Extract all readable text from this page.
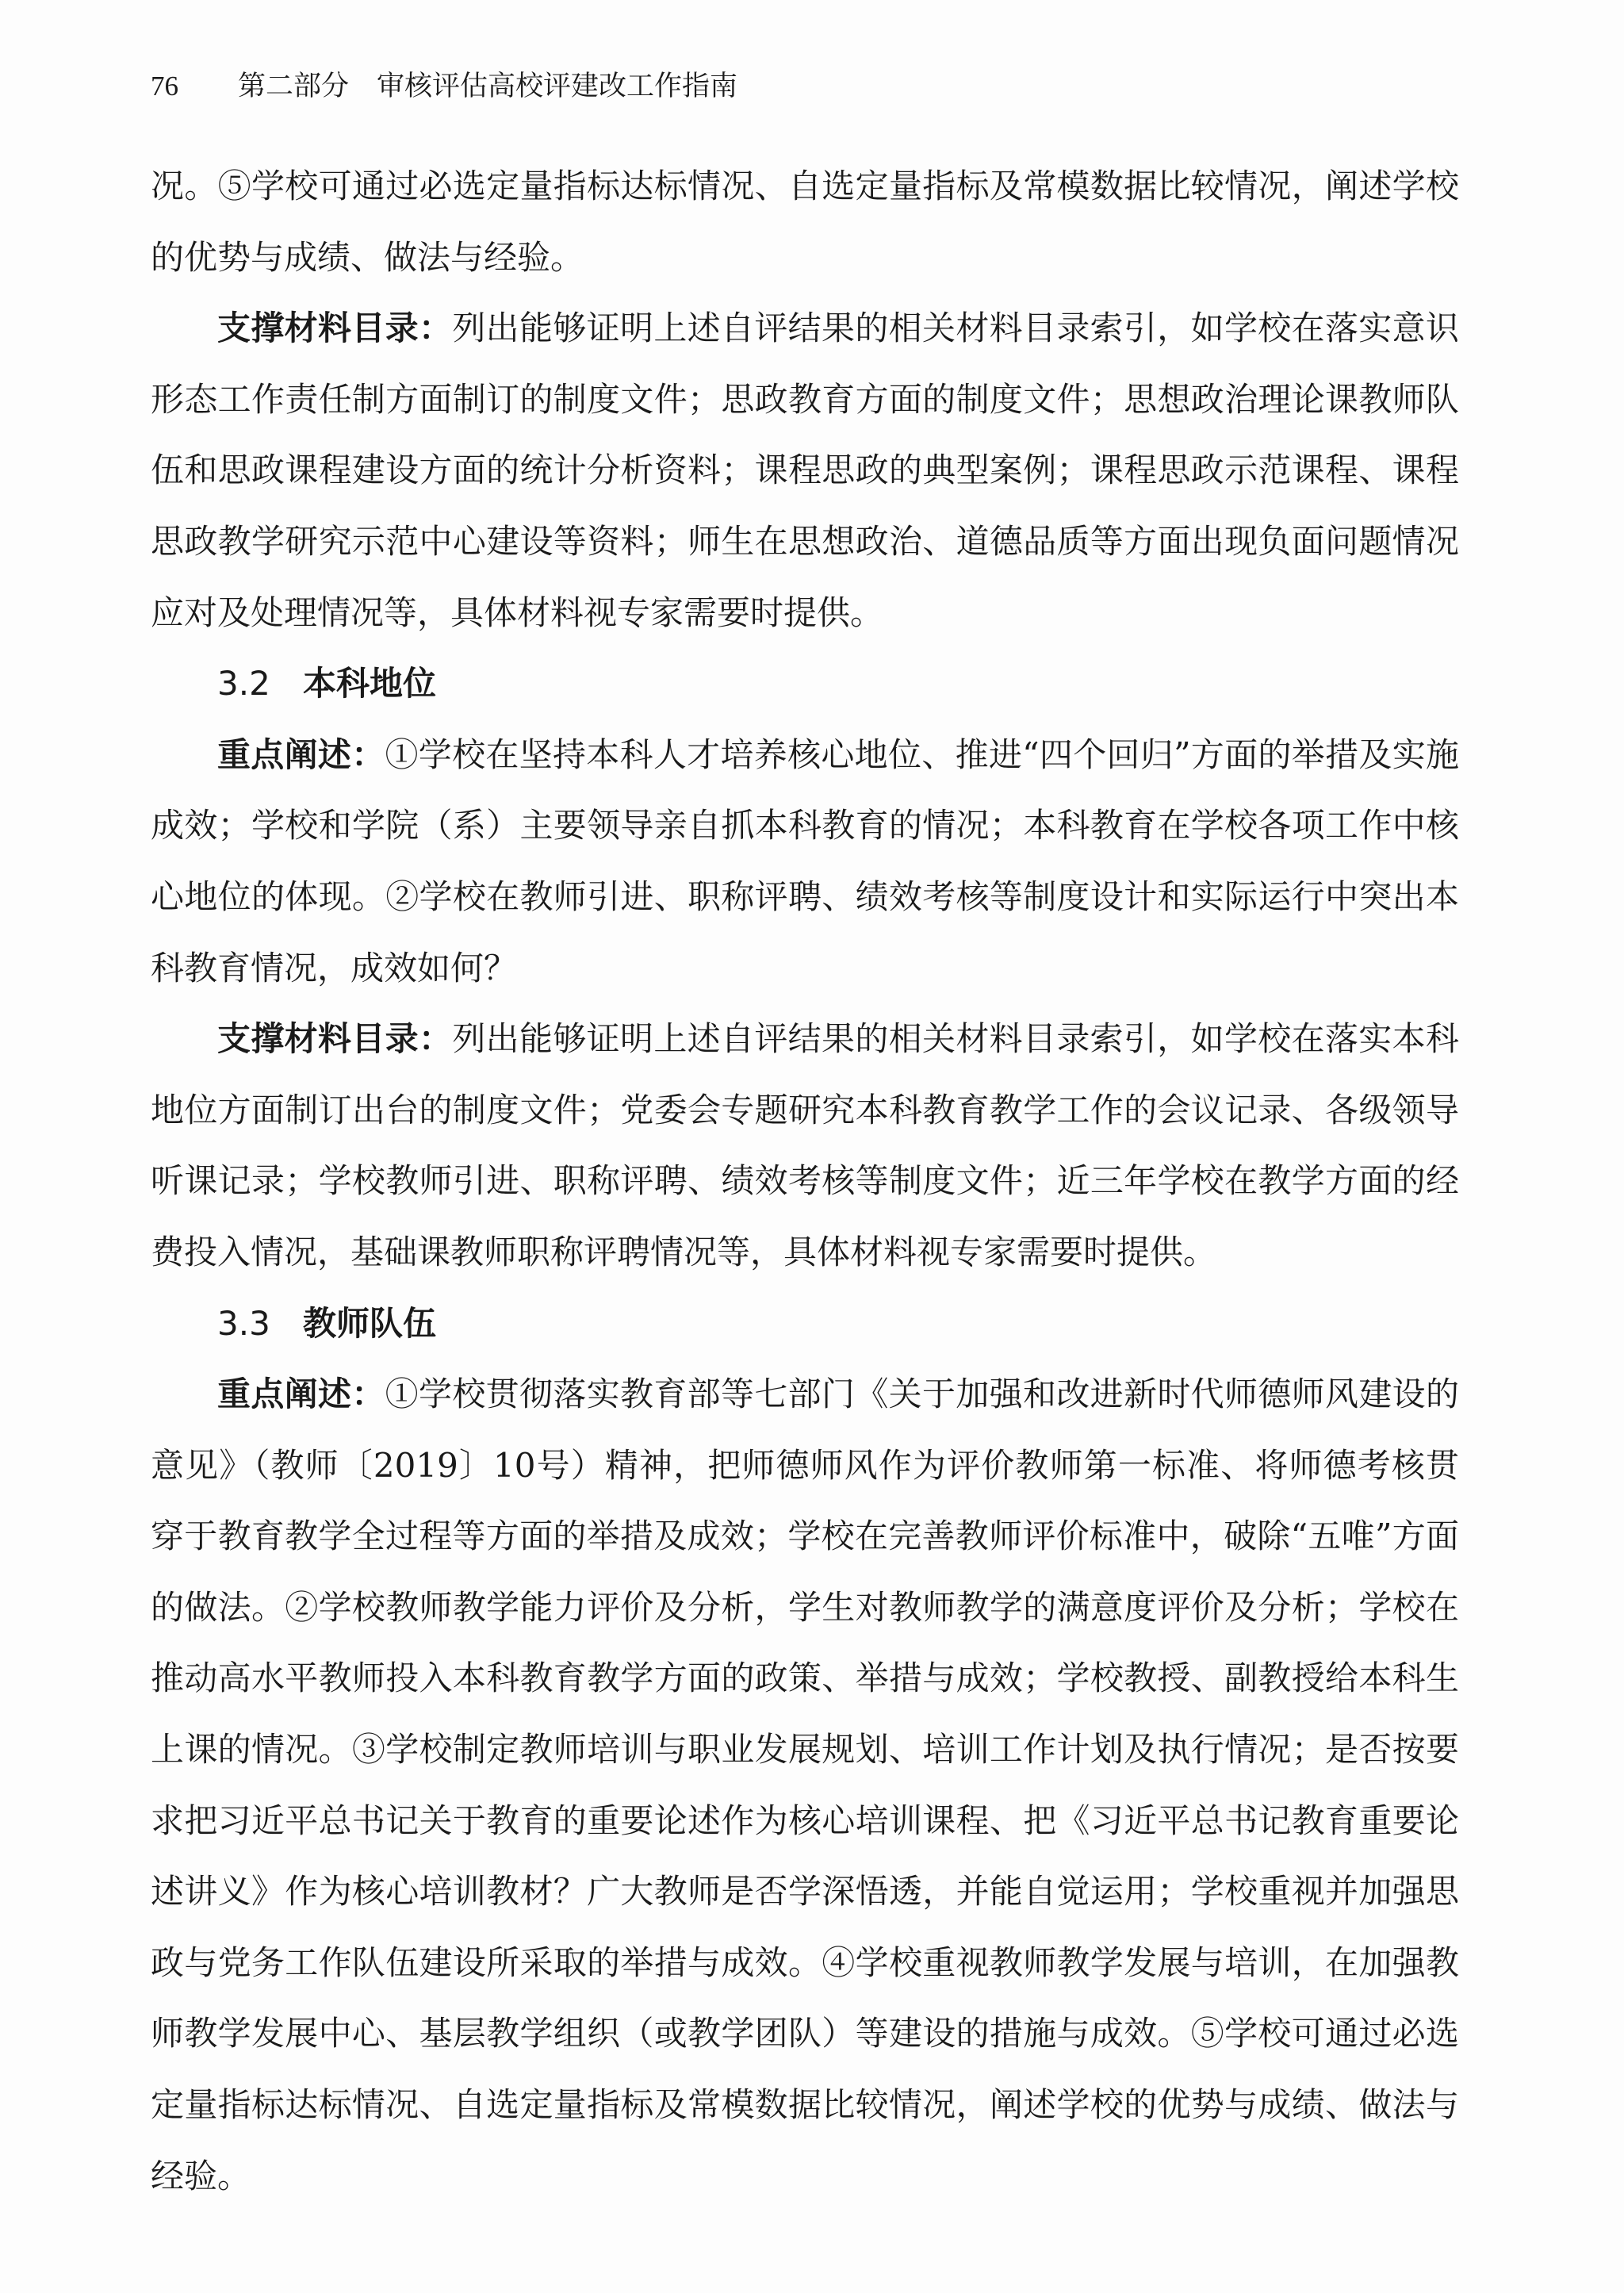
76 第二部分　审核评估高校评建改工作指南

况。⑤学校可通过必选定量指标达标情况、自选定量指标及常模数据比较情况，阐述学校的优势与成绩、做法与经验。

支撑材料目录：列出能够证明上述自评结果的相关材料目录索引，如学校在落实意识形态工作责任制方面制订的制度文件；思政教育方面的制度文件；思想政治理论课教师队伍和思政课程建设方面的统计分析资料；课程思政的典型案例；课程思政示范课程、课程思政教学研究示范中心建设等资料；师生在思想政治、道德品质等方面出现负面问题情况应对及处理情况等，具体材料视专家需要时提供。

3.2 本科地位

重点阐述：①学校在坚持本科人才培养核心地位、推进“四个回归”方面的举措及实施成效；学校和学院（系）主要领导亲自抓本科教育的情况；本科教育在学校各项工作中核心地位的体现。②学校在教师引进、职称评聘、绩效考核等制度设计和实际运行中突出本科教育情况，成效如何？

支撑材料目录：列出能够证明上述自评结果的相关材料目录索引，如学校在落实本科地位方面制订出台的制度文件；党委会专题研究本科教育教学工作的会议记录、各级领导听课记录；学校教师引进、职称评聘、绩效考核等制度文件；近三年学校在教学方面的经费投入情况，基础课教师职称评聘情况等，具体材料视专家需要时提供。

3.3 教师队伍

重点阐述：①学校贯彻落实教育部等七部门《关于加强和改进新时代师德师风建设的意见》（教师〔2019〕10号）精神，把师德师风作为评价教师第一标准、将师德考核贯穿于教育教学全过程等方面的举措及成效；学校在完善教师评价标准中，破除“五唯”方面的做法。②学校教师教学能力评价及分析，学生对教师教学的满意度评价及分析；学校在推动高水平教师投入本科教育教学方面的政策、举措与成效；学校教授、副教授给本科生上课的情况。③学校制定教师培训与职业发展规划、培训工作计划及执行情况；是否按要求把习近平总书记关于教育的重要论述作为核心培训课程、把《习近平总书记教育重要论述讲义》作为核心培训教材？广大教师是否学深悟透，并能自觉运用；学校重视并加强思政与党务工作队伍建设所采取的举措与成效。④学校重视教师教学发展与培训，在加强教师教学发展中心、基层教学组织（或教学团队）等建设的措施与成效。⑤学校可通过必选定量指标达标情况、自选定量指标及常模数据比较情况，阐述学校的优势与成绩、做法与经验。
